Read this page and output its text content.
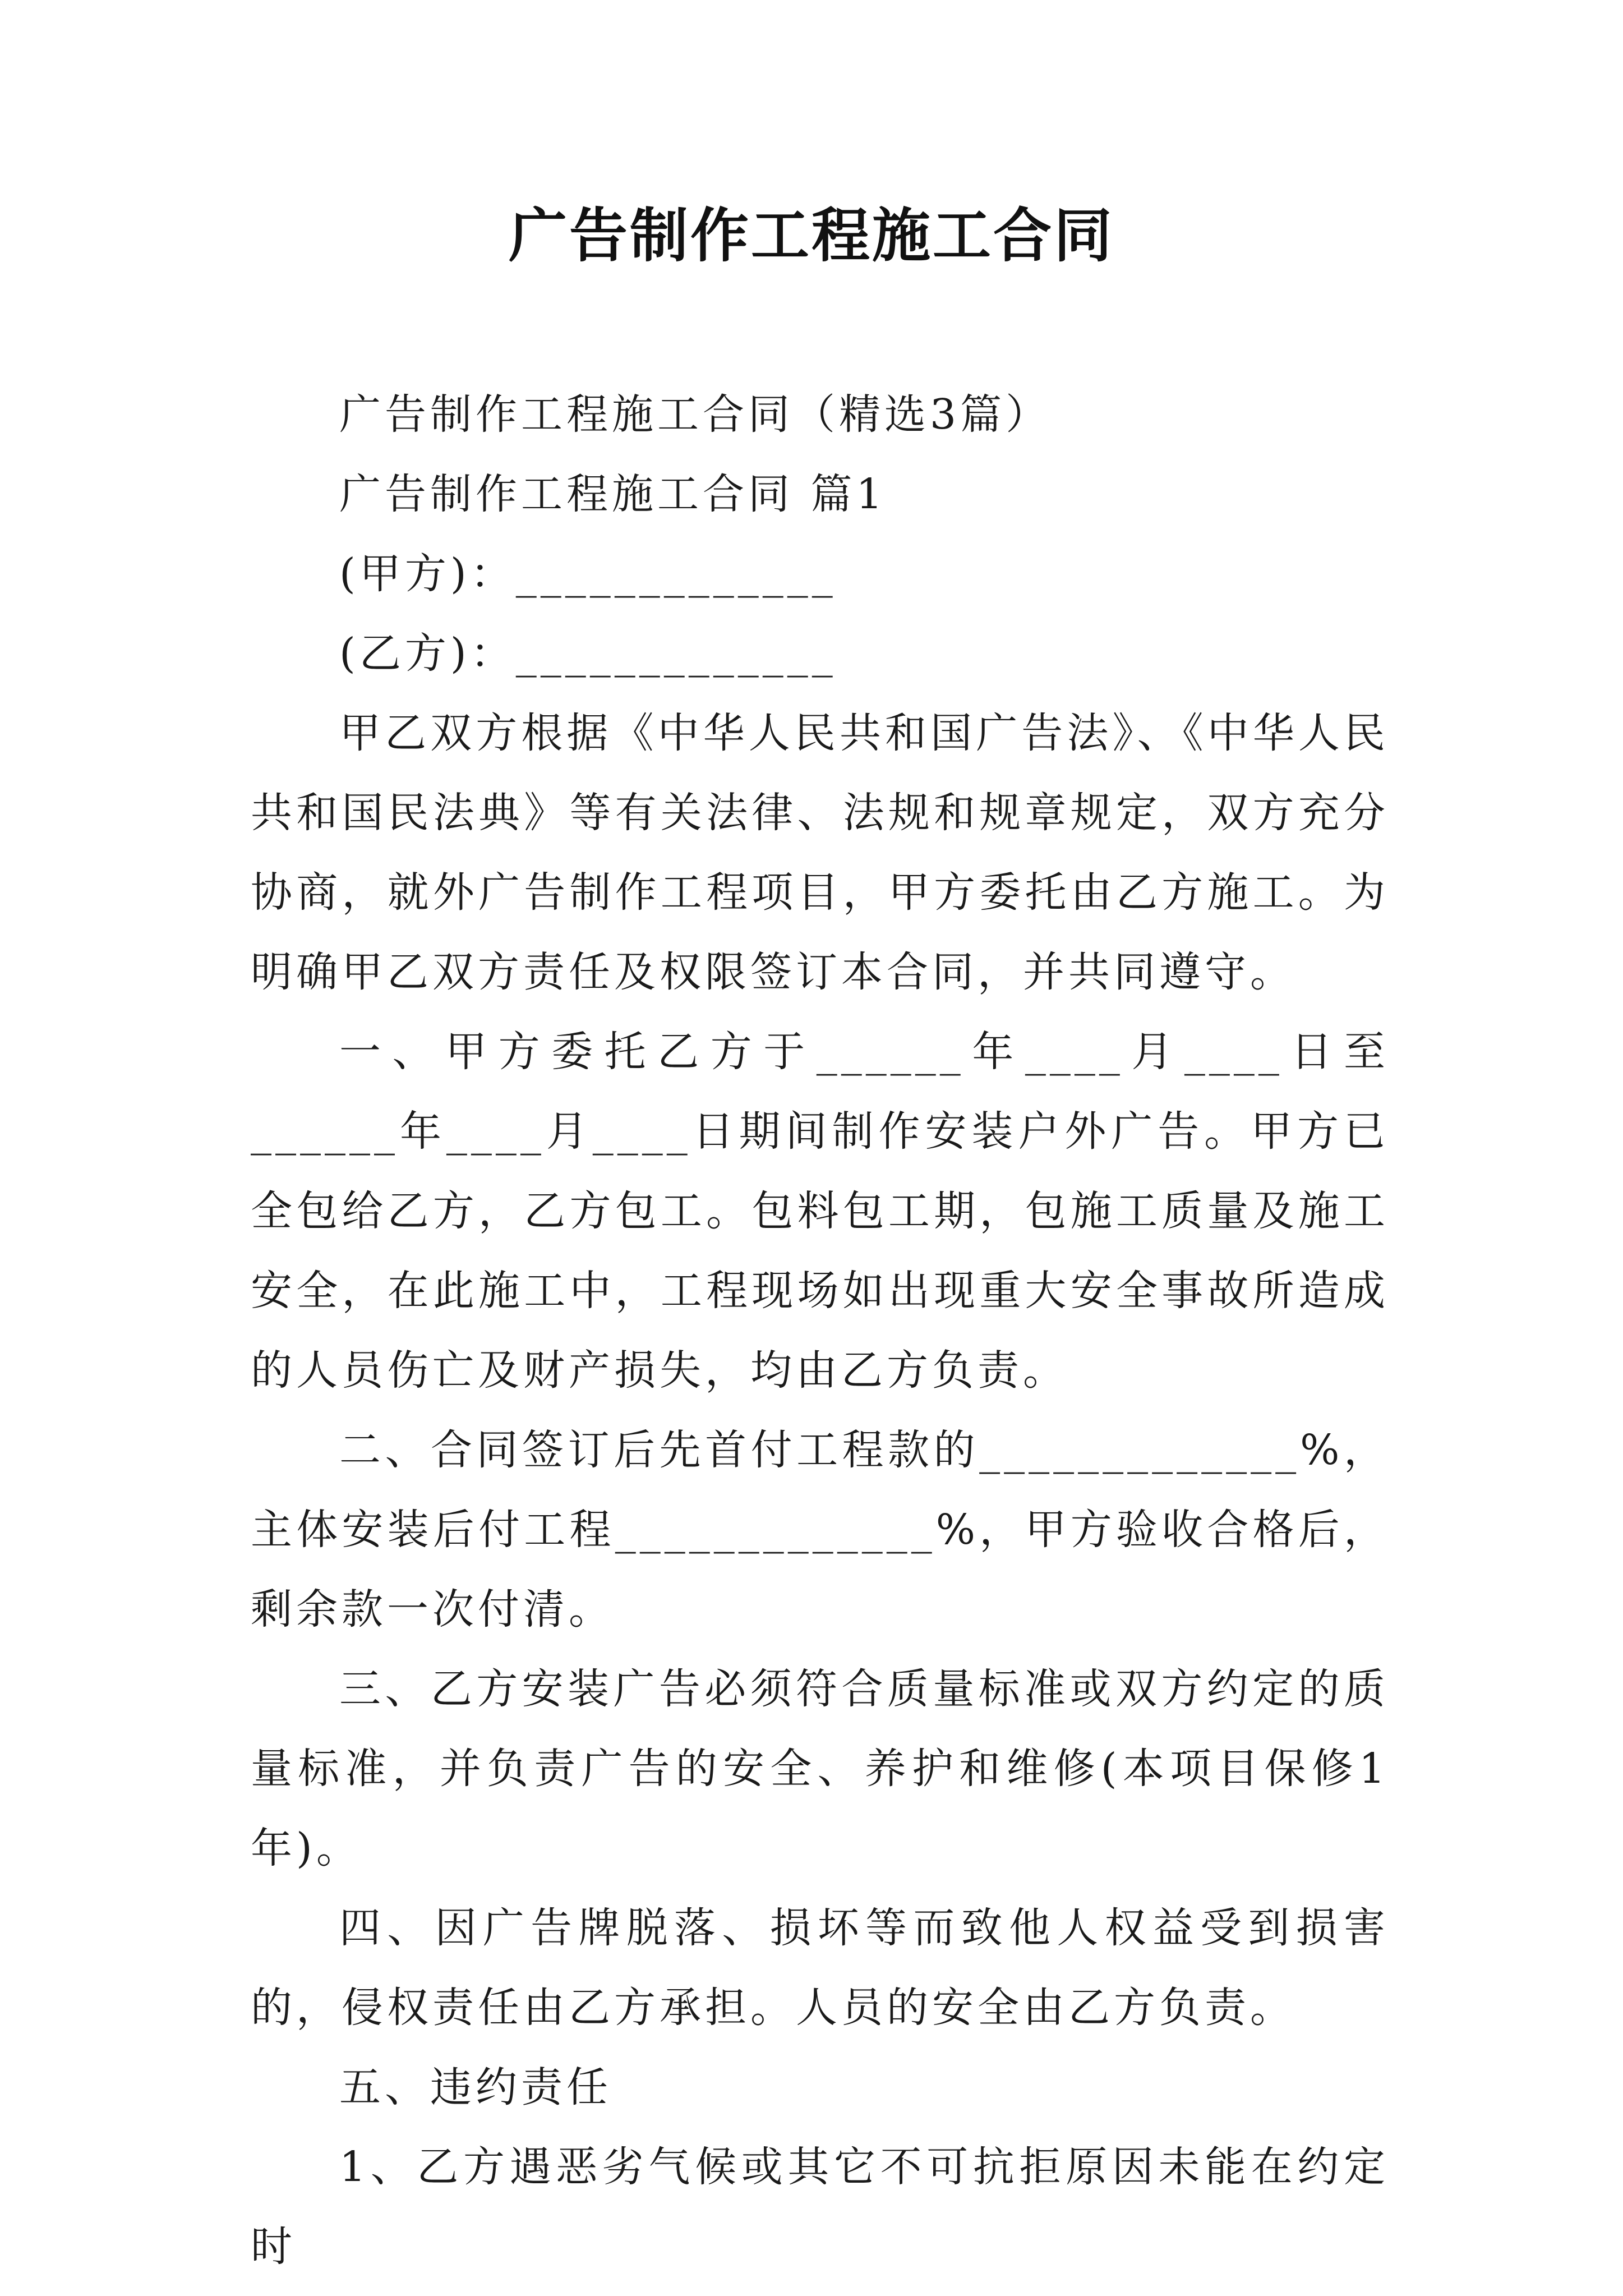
广告制作工程施工合同

广告制作工程施工合同（精选3篇）

广告制作工程施工合同 篇1

(甲方)：_____________

(乙方)：_____________

甲乙双方根据《中华人民共和国广告法》、《中华人民共和国民法典》等有关法律、法规和规章规定，双方充分协商，就外广告制作工程项目，甲方委托由乙方施工。为明确甲乙双方责任及权限签订本合同，并共同遵守。

一、甲方委托乙方于______年____月____日至______年____月____日期间制作安装户外广告。甲方已全包给乙方，乙方包工。包料包工期，包施工质量及施工安全，在此施工中，工程现场如出现重大安全事故所造成的人员伤亡及财产损失，均由乙方负责。

二、合同签订后先首付工程款的_____________%，主体安装后付工程_____________%，甲方验收合格后，剩余款一次付清。

三、乙方安装广告必须符合质量标准或双方约定的质量标准，并负责广告的安全、养护和维修(本项目保修1年)。

四、因广告牌脱落、损坏等而致他人权益受到损害的，侵权责任由乙方承担。人员的安全由乙方负责。

五、违约责任

1、乙方遇恶劣气候或其它不可抗拒原因未能在约定时
